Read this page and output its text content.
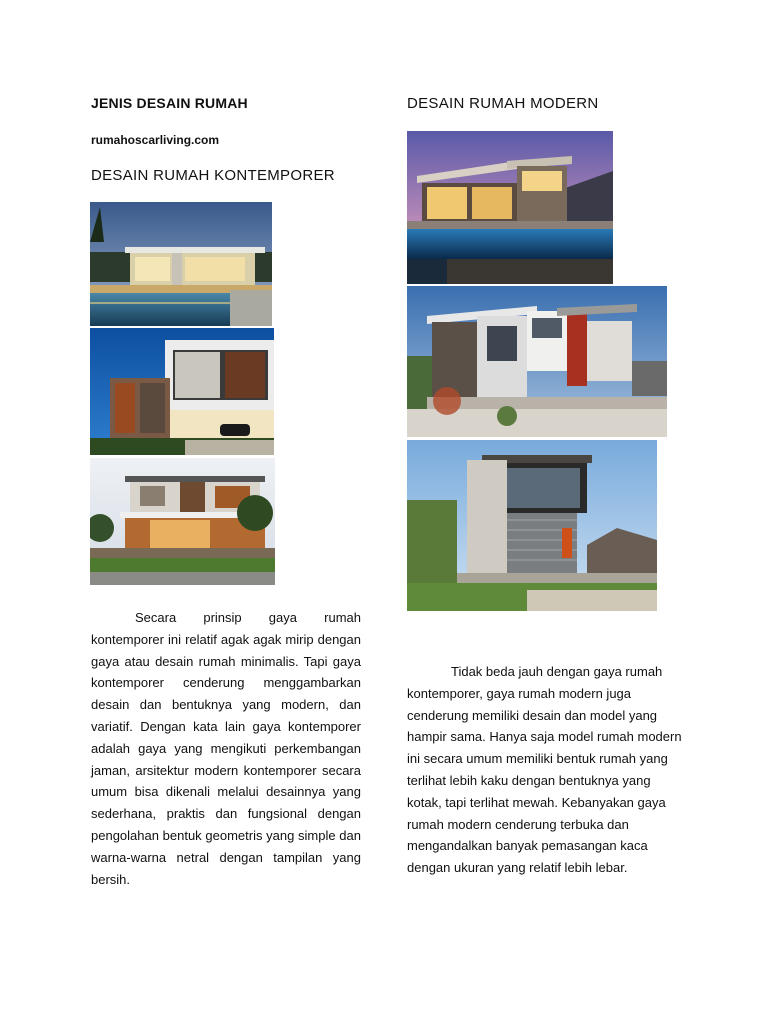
JENIS DESAIN RUMAH
rumahoscarliving.com
DESAIN RUMAH KONTEMPORER
Secara prinsip gaya rumah kontemporer ini relatif agak agak mirip dengan gaya atau desain rumah minimalis. Tapi gaya kontemporer cenderung menggambarkan desain dan bentuknya yang modern, dan variatif. Dengan kata lain gaya kontemporer adalah gaya yang mengikuti perkembangan jaman, arsitektur modern kontemporer secara umum bisa dikenali melalui desainnya yang sederhana, praktis dan fungsional dengan pengolahan bentuk geometris yang simple dan warna-warna netral dengan tampilan yang bersih.
DESAIN RUMAH MODERN
Tidak beda jauh dengan gaya rumah kontemporer, gaya rumah modern juga cenderung memiliki desain dan model yang hampir sama. Hanya saja model rumah modern ini secara umum memiliki bentuk rumah yang terlihat lebih kaku dengan bentuknya yang kotak, tapi terlihat mewah. Kebanyakan gaya rumah modern cenderung terbuka dan mengandalkan banyak pemasangan kaca dengan ukuran yang relatif lebih lebar.
